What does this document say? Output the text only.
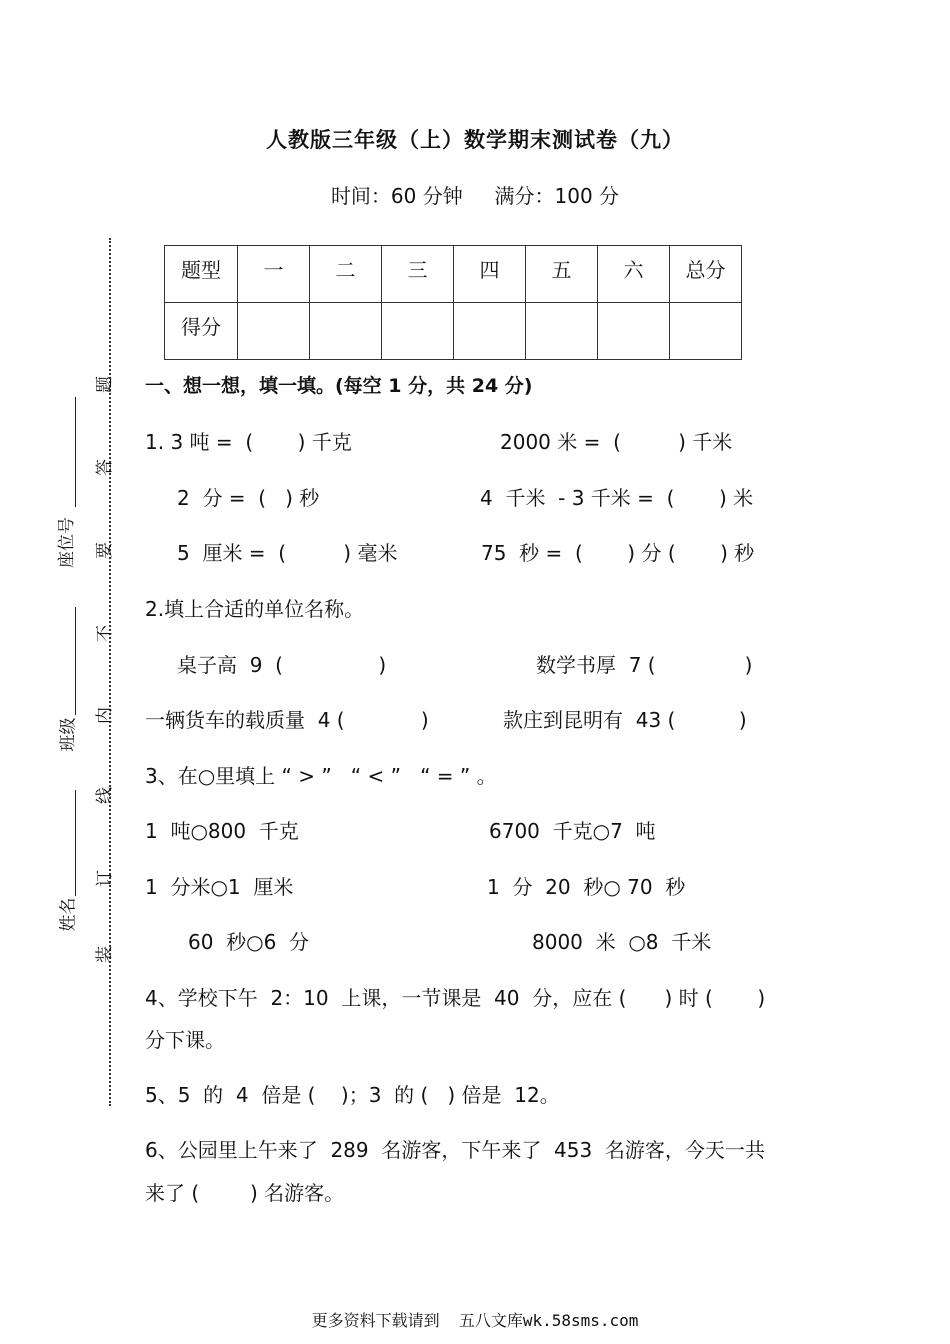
人教版三年级（上）数学期末测试卷（九）
时间：60 分钟     满分：100 分
题型	一	二	三	四	五	六	总分
得分							
题
答
要
不
内
线
订
装
座位号
班级
姓名
一、想一想，填一填。(每空 1 分，共 24 分)
1. 3 吨 =  (       ) 千克	2000 米 =  (         ) 千米
2  分 =  (   ) 秒	4  千米  - 3 千米 =  (       ) 米
5  厘米 =  (         ) 毫米	75  秒 =  (       ) 分 (       ) 秒
2.填上合适的单位名称。
桌子高  9  (               )	数学书厚  7 (              )
一辆货车的载质量  4 (            )	款庄到昆明有  43 (          )
3、在○里填上 “ > ”   “ < ”   “ = ” 。
1  吨○800  千克	6700  千克○7  吨
1  分米○1  厘米	1  分  20  秒○ 70  秒
60  秒○6  分	8000  米  ○8  千米
4、学校下午  2：10  上课，一节课是  40  分，应在 (      ) 时 (       )
分下课。
5、5  的  4  倍是 (    )；3  的 (   ) 倍是  12。
6、公园里上午来了  289  名游客，下午来了  453  名游客，今天一共
来了 (        ) 名游客。
更多资料下载请到  五八文库wk.58sms.com
